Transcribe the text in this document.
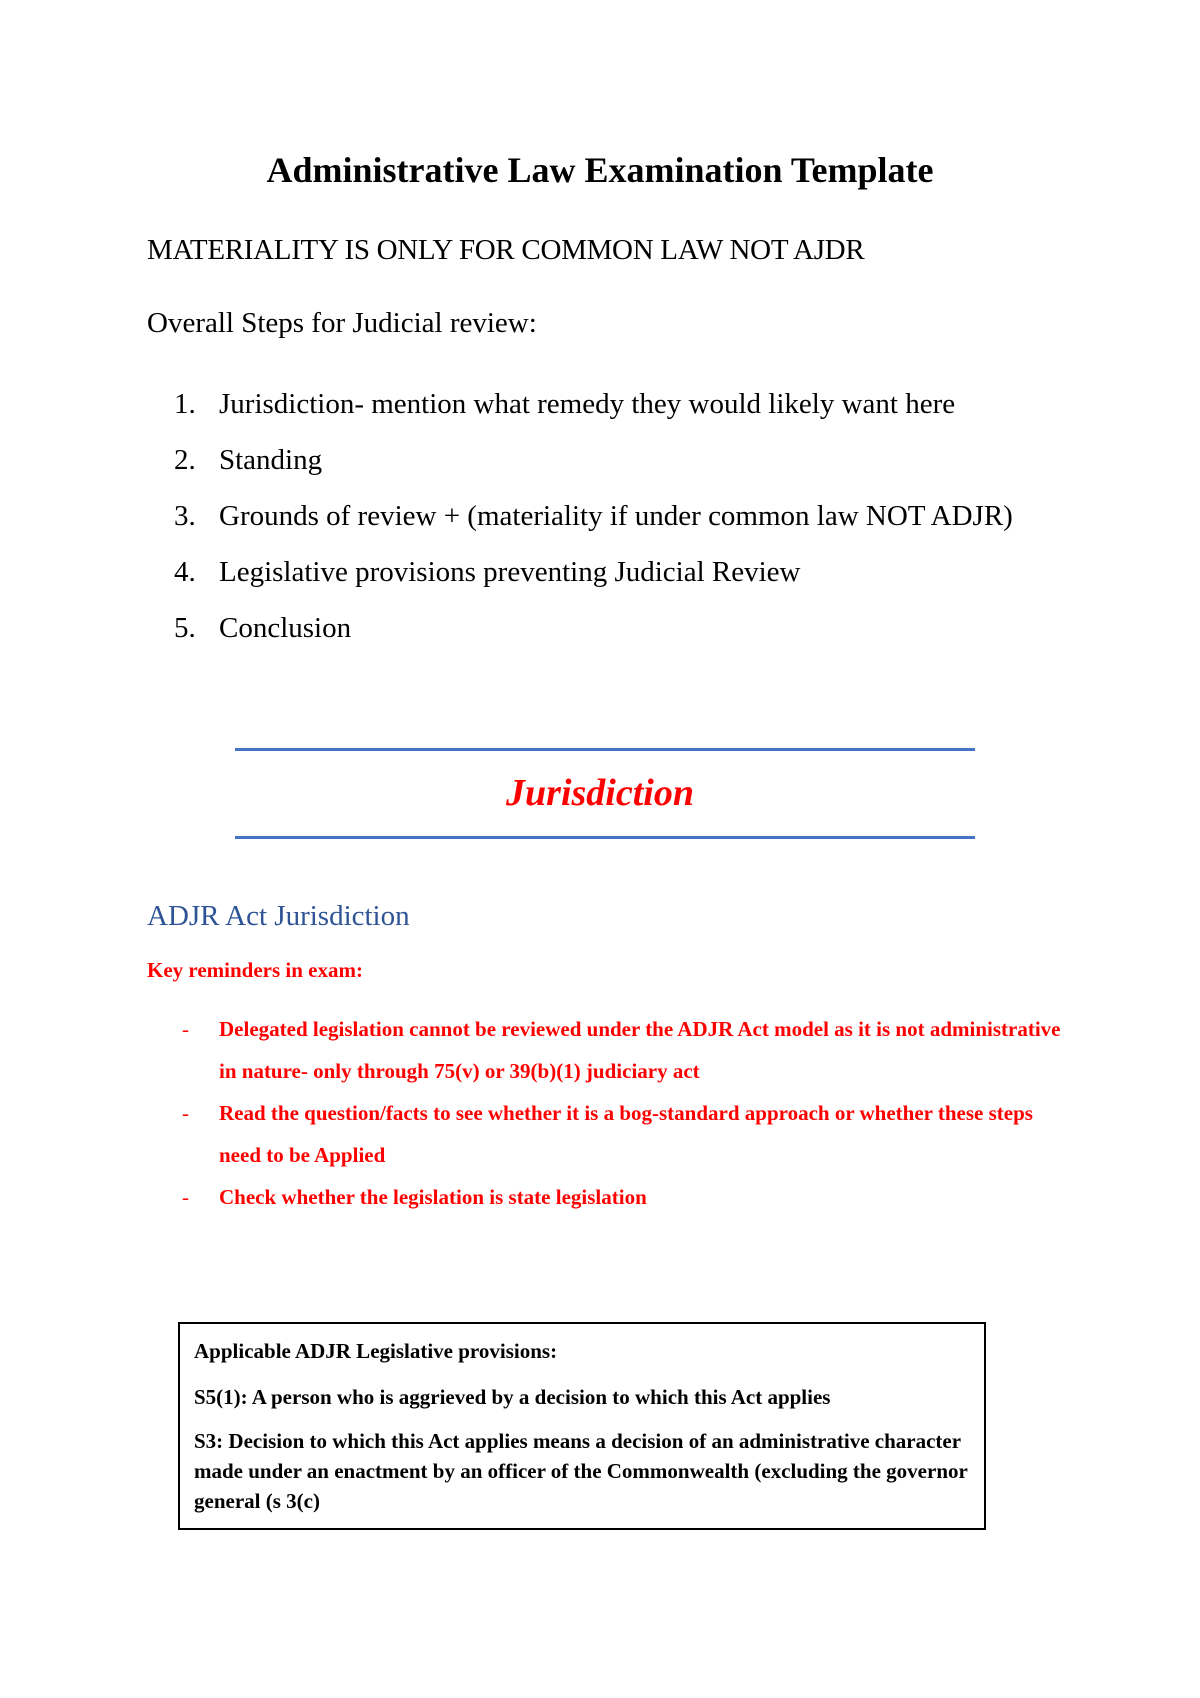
Administrative Law Examination Template
MATERIALITY IS ONLY FOR COMMON LAW NOT AJDR
Overall Steps for Judicial review:
1. Jurisdiction- mention what remedy they would likely want here
2. Standing
3. Grounds of review + (materiality if under common law NOT ADJR)
4. Legislative provisions preventing Judicial Review
5. Conclusion
Jurisdiction
ADJR Act Jurisdiction
Key reminders in exam:
- Delegated legislation cannot be reviewed under the ADJR Act model as it is not administrative in nature- only through 75(v) or 39(b)(1) judiciary act
- Read the question/facts to see whether it is a bog-standard approach or whether these steps need to be Applied
- Check whether the legislation is state legislation

Applicable ADJR Legislative provisions:

S5(1): A person who is aggrieved by a decision to which this Act applies

S3: Decision to which this Act applies means a decision of an administrative character made under an enactment by an officer of the Commonwealth (excluding the governor general (s 3(c)
